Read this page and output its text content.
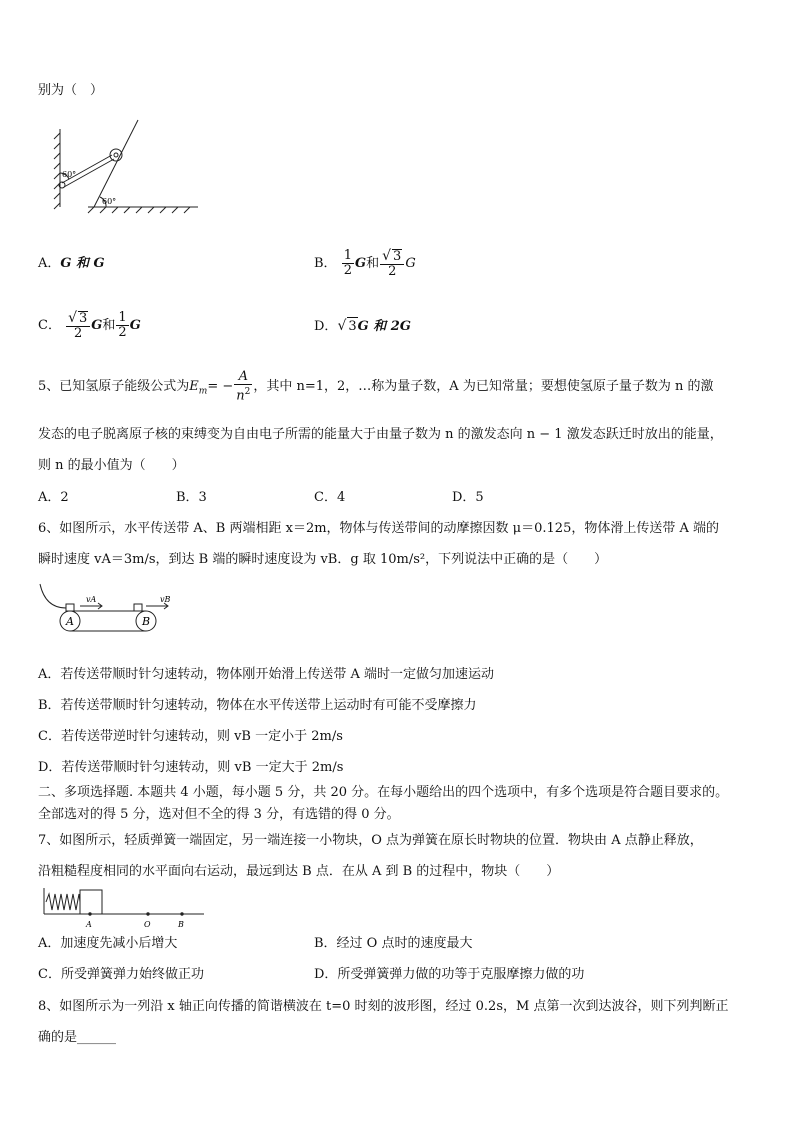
别为（　）
60°
60°
A．G 和 G	B． $\frac{1}{2}$ G和 $\frac{√ 3}{2}$ G
C． $\frac{√ 3}{2}$ G和 $\frac{1}{2}$ G	D．√ 3G 和 2G
5、已知氢原子能级公式为$E_m= - \frac{A}{n^2}$ ，其中 n=1，2，…称为量子数，A 为已知常量；要想使氢原子量子数为 n 的激
发态的电子脱离原子核的束缚变为自由电子所需的能量大于由量子数为 n 的激发态向 n − 1 激发态跃迁时放出的能量，
则 n 的最小值为（　　）
A．2	B．3	C．4	D．5
6、如图所示，水平传送带 A、B 两端相距 x＝2m，物体与传送带间的动摩擦因数 μ＝0.125，物体滑上传送带 A 端的
瞬时速度 vA＝3m/s，到达 B 端的瞬时速度设为 vB．g 取 10m/s²，下列说法中正确的是（　　）
vA	vB
A	B
A．若传送带顺时针匀速转动，物体刚开始滑上传送带 A 端时一定做匀加速运动
B．若传送带顺时针匀速转动，物体在水平传送带上运动时有可能不受摩擦力
C．若传送带逆时针匀速转动，则 vB 一定小于 2m/s
D．若传送带顺时针匀速转动，则 vB 一定大于 2m/s
二、多项选择题. 本题共 4 小题，每小题 5 分，共 20 分。在每小题给出的四个选项中，有多个选项是符合题目要求的。
全部选对的得 5 分，选对但不全的得 3 分，有选错的得 0 分。
7、如图所示，轻质弹簧一端固定，另一端连接一小物块，O 点为弹簧在原长时物块的位置．物块由 A 点静止释放，
沿粗糙程度相同的水平面向右运动，最远到达 B 点．在从 A 到 B 的过程中，物块（　　）
A	O	B
A．加速度先减小后增大	B．经过 O 点时的速度最大
C．所受弹簧弹力始终做正功	D．所受弹簧弹力做的功等于克服摩擦力做的功
8、如图所示为一列沿 x 轴正向传播的简谐横波在 t=0 时刻的波形图，经过 0.2s，M 点第一次到达波谷，则下列判断正
确的是______
